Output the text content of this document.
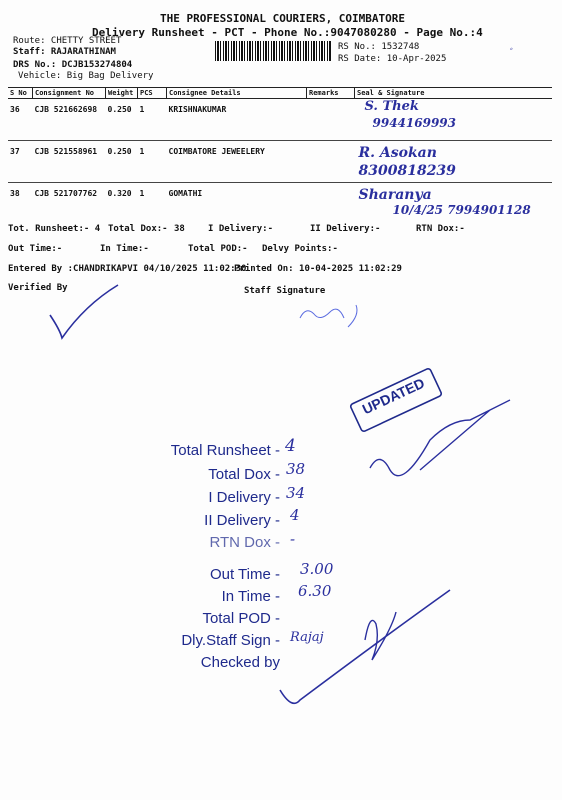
THE PROFESSIONAL COURIERS, COIMBATORE
Delivery Runsheet - PCT - Phone No.:9047080280 - Page No.:4
Route: CHETTY STREET
Staff: RAJARATHINAM
DRS No.: DCJB153274804
Vehicle: Big Bag Delivery
RS No.: 1532748
RS Date: 10-Apr-2025	ﾟ
S No	Consignment No	Weight	PCS	Consignee Details	Remarks	Seal & Signature
36	CJB 521662698	0.250	1	KRISHNAKUMAR		S. Thek
9944169993

37	CJB 521558961	0.250	1	COIMBATORE JEWEELERY		R. Asokan
8300818239

38	CJB 521707762	0.320	1	GOMATHI		Sharanya
10/4/25 7994901128
Tot. Runsheet:- 4 Total Dox:- 38	I Delivery:-	II Delivery:-	RTN Dox:-
Out Time:-	In Time:-	Total POD:- Delvy Points:-
Entered By :CHANDRIKAPVI 04/10/2025 11:02:30
Printed On: 10-04-2025 11:02:29
Verified By	Staff Signature
UPDATED
Total Runsheet - 4
Total Dox - 38
I Delivery - 34
II Delivery - 4
RTN Dox - -
Out Time - 3.00
In Time - 6.30
Total POD -
Dly.Staff Sign - Rajaj
Checked by
